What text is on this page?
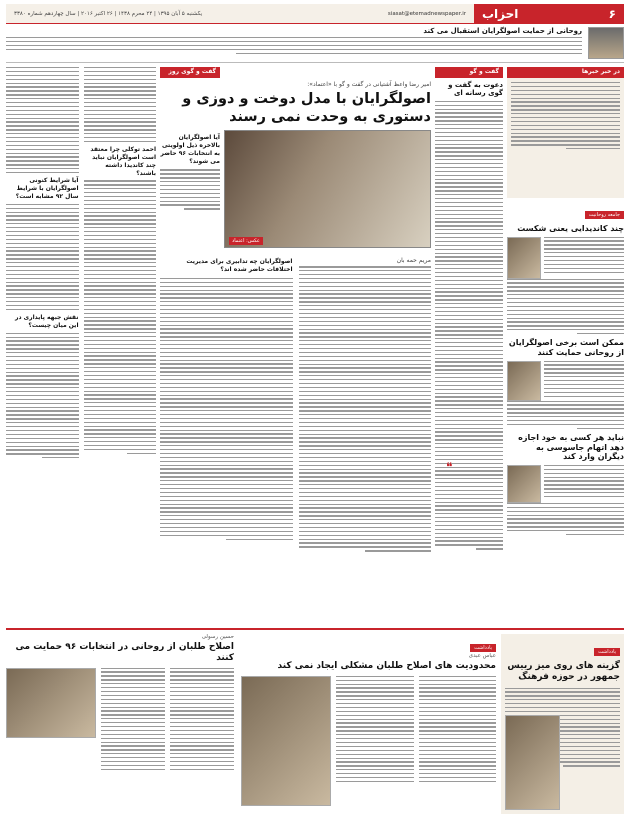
۶
احزاب
siasat@etemadnewspaper.ir
یکشنبه ۵ آبان ۱۳۹۵ | ۲۴ محرم ۱۴۳۸ | ۲۶ اکتبر ۲۰۱۶ | سال چهاردهم شماره ۳۳۸۰
روحانی از حمایت اصولگرایان استقبال می کند
در خبر خبرها
جامعه روحانیت
چند کاندیدایی یعنی شکست
ممکن است برخی اصولگرایان از روحانی حمایت کنند
نباید هر کسی به خود اجازه دهد اتهام جاسوسی به دیگران وارد کند
گفت و گو
دعوت به گفت و گوی رسانه ای
❝
گفت و گوی روز
امیر رضا واعظ آشتیانی در گفت و گو با «اعتماد»:
اصولگرایان با مدل دوخت و دوزی و دستوری به وحدت نمی رسند
عکس: اعتماد

آیا اصولگرایان بالاخره ذیل اولویتی به انتخابات ۹۶ حاضر می شوند؟

مریم حمه بان

اصولگرایان چه تدابیری برای مدیریت اختلافات حاضر شده اند؟

احمد توکلی چرا معتقد است اصولگرایان نباید چند کاندیدا داشته باشند؟

آیا شرایط کنونی اصولگرایان با شرایط سال ۹۲ مشابه است؟

نقش جبهه پایداری در این میان چیست؟

یادداشت
گزینه های روی میز رییس جمهور در حوزه فرهنگ
یادداشت
عباس عبدی
محدودیت های اصلاح طلبان مشکلی ایجاد نمی کند
حسین رسولی
اصلاح طلبان از روحانی در انتخابات ۹۶ حمایت می کنند
